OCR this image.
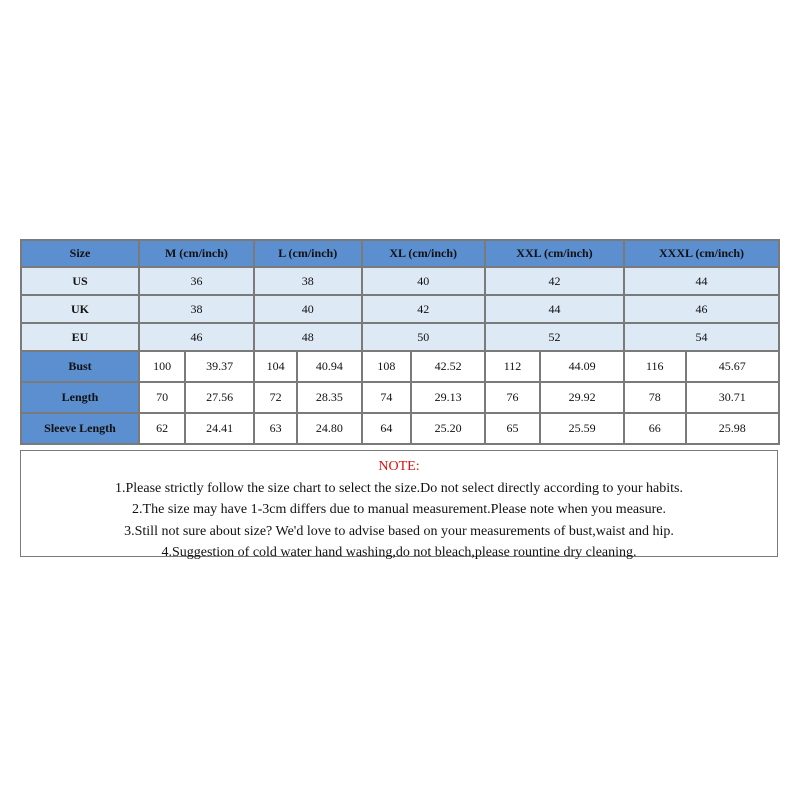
Size	M (cm/inch)		L (cm/inch)		XL (cm/inch)		XXL (cm/inch)		XXXL (cm/inch)	
US	36		38		40		42		44	
UK	38		40		42		44		46	
EU	46		48		50		52		54	
Bust	100	39.37	104	40.94	108	42.52	112	44.09	116	45.67
Length	70	27.56	72	28.35	74	29.13	76	29.92	78	30.71
Sleeve Length	62	24.41	63	24.80	64	25.20	65	25.59	66	25.98
NOTE:
1.Please strictly follow the size chart to select the size.Do not select directly according to your habits.
2.The size may have 1-3cm differs due to manual measurement.Please note when you measure.
3.Still not sure about size? We'd love to advise based on your measurements of bust,waist and hip.
4.Suggestion of cold water hand washing,do not bleach,please rountine dry cleaning.
